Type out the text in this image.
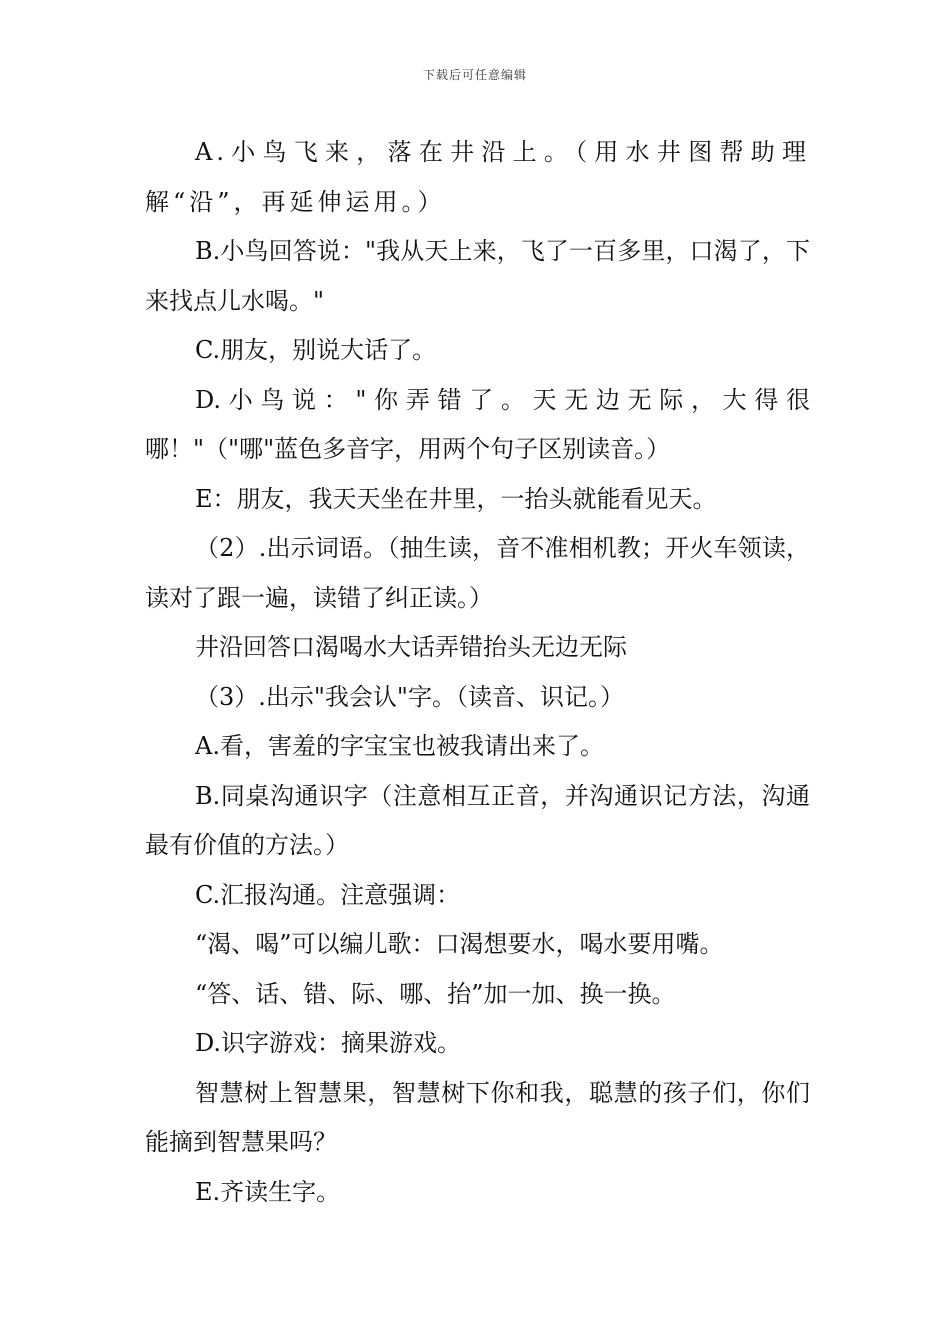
下载后可任意编辑

A.小鸟飞来，落在井沿上。（用水井图帮助理解“沿”，再延伸运用。）

B.小鸟回答说："我从天上来，飞了一百多里，口渴了，下来找点儿水喝。"

C.朋友，别说大话了。

D.小鸟说："你弄错了。天无边无际，大得很哪！"（"哪"蓝色多音字，用两个句子区别读音。）

E：朋友，我天天坐在井里，一抬头就能看见天。

（2）.出示词语。（抽生读，音不准相机教；开火车领读，读对了跟一遍，读错了纠正读。）

井沿回答口渴喝水大话弄错抬头无边无际

（3）.出示"我会认"字。（读音、识记。）

A.看，害羞的字宝宝也被我请出来了。

B.同桌沟通识字（注意相互正音，并沟通识记方法，沟通最有价值的方法。）

C.汇报沟通。注意强调：

“渴、喝”可以编儿歌：口渴想要水，喝水要用嘴。

“答、话、错、际、哪、抬”加一加、换一换。

D.识字游戏：摘果游戏。

智慧树上智慧果，智慧树下你和我，聪慧的孩子们，你们能摘到智慧果吗？

E.齐读生字。
